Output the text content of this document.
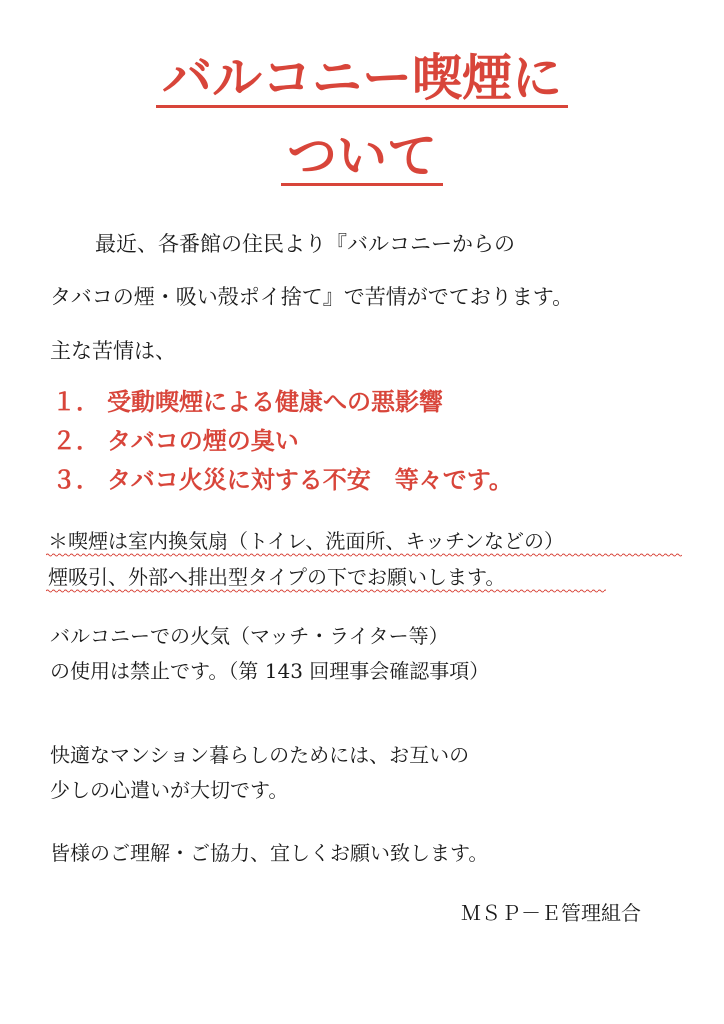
バルコニー喫煙に
ついて

最近、各番館の住民より『バルコニーからの

タバコの煙・吸い殻ポイ捨て』で苦情がでております。

主な苦情は、

１． 受動喫煙による健康への悪影響

２． タバコの煙の臭い

３． タバコ火災に対する不安　等々です。

＊喫煙は室内換気扇（トイレ、洗面所、キッチンなどの）

煙吸引、外部へ排出型タイプの下でお願いします。

バルコニーでの火気（マッチ・ライター等）

の使用は禁止です。（第 143 回理事会確認事項）

快適なマンション暮らしのためには、お互いの

少しの心遣いが大切です。

皆様のご理解・ご協力、宜しくお願い致します。

ＭＳＰ－Ｅ管理組合
